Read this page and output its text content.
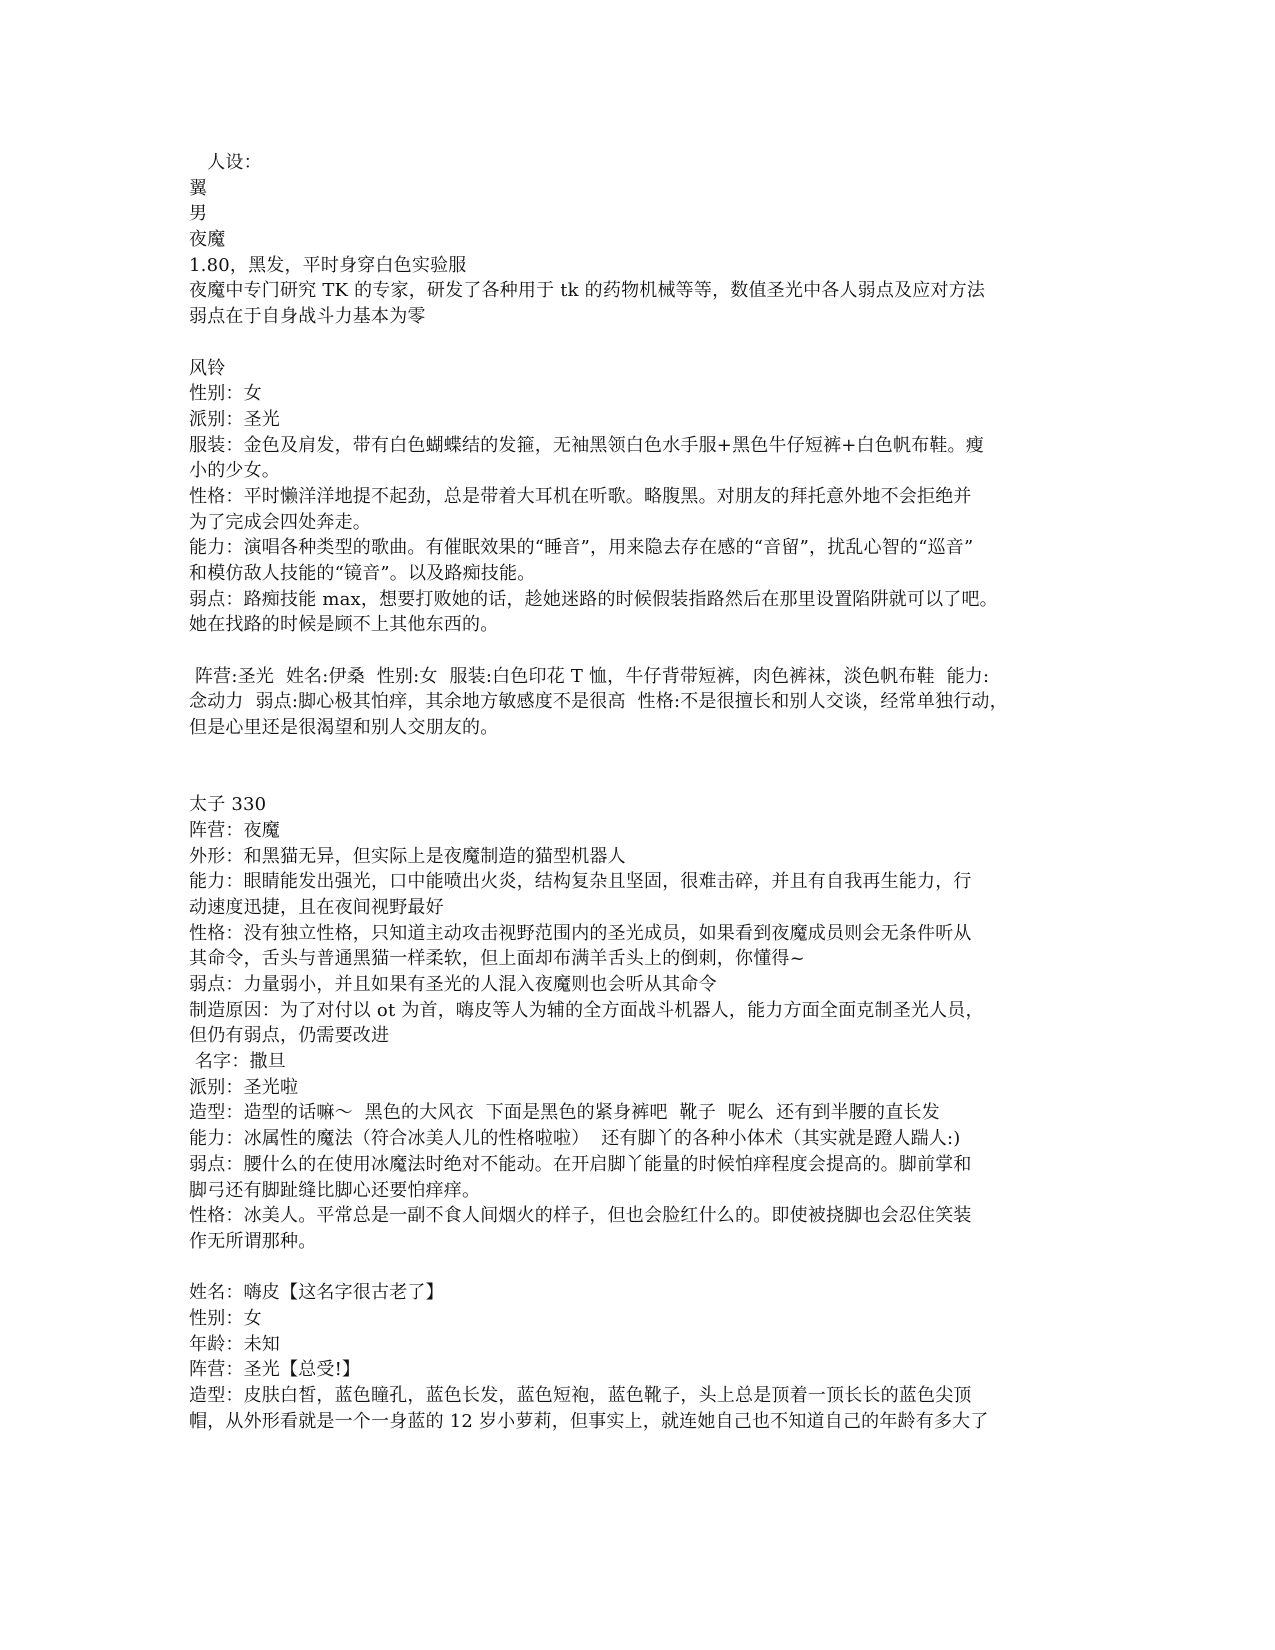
　人设：

翼

男

夜魔

1.80，黑发，平时身穿白色实验服

夜魔中专门研究 TK 的专家，研发了各种用于 tk 的药物机械等等，数值圣光中各人弱点及应对方法

弱点在于自身战斗力基本为零

风铃

性别：女

派别：圣光

服装：金色及肩发，带有白色蝴蝶结的发箍，无袖黑领白色水手服+黑色牛仔短裤+白色帆布鞋。瘦

小的少女。

性格：平时懒洋洋地提不起劲，总是带着大耳机在听歌。略腹黑。对朋友的拜托意外地不会拒绝并

为了完成会四处奔走。

能力：演唱各种类型的歌曲。有催眠效果的“睡音”，用来隐去存在感的“音留”，扰乱心智的“巡音”

和模仿敌人技能的“镜音”。以及路痴技能。

弱点：路痴技能 max，想要打败她的话，趁她迷路的时候假装指路然后在那里设置陷阱就可以了吧。

她在找路的时候是顾不上其他东西的。

阵营:圣光  姓名:伊桑  性别:女  服装:白色印花 T 恤，牛仔背带短裤，肉色裤袜，淡色帆布鞋  能力:

念动力  弱点:脚心极其怕痒，其余地方敏感度不是很高  性格:不是很擅长和别人交谈，经常单独行动，

但是心里还是很渴望和别人交朋友的。

太子 330

阵营：夜魔

外形：和黑猫无异，但实际上是夜魔制造的猫型机器人

能力：眼睛能发出强光，口中能喷出火炎，结构复杂且坚固，很难击碎，并且有自我再生能力，行

动速度迅捷，且在夜间视野最好

性格：没有独立性格，只知道主动攻击视野范围内的圣光成员，如果看到夜魔成员则会无条件听从

其命令，舌头与普通黑猫一样柔软，但上面却布满羊舌头上的倒刺，你懂得~

弱点：力量弱小，并且如果有圣光的人混入夜魔则也会听从其命令

制造原因：为了对付以 ot 为首，嗨皮等人为辅的全方面战斗机器人，能力方面全面克制圣光人员，

但仍有弱点，仍需要改进

名字：撒旦

派别：圣光啦

造型：造型的话嘛～  黑色的大风衣  下面是黑色的紧身裤吧  靴子  呢么  还有到半腰的直长发

能力：冰属性的魔法（符合冰美人儿的性格啦啦）  还有脚丫的各种小体术（其实就是蹬人踹人:)

弱点：腰什么的在使用冰魔法时绝对不能动。在开启脚丫能量的时候怕痒程度会提高的。脚前掌和

脚弓还有脚趾缝比脚心还要怕痒痒。

性格：冰美人。平常总是一副不食人间烟火的样子，但也会脸红什么的。即使被挠脚也会忍住笑装

作无所谓那种。

姓名：嗨皮【这名字很古老了】

性别：女

年龄：未知

阵营：圣光【总受!】

造型：皮肤白皙，蓝色瞳孔，蓝色长发，蓝色短袍，蓝色靴子，头上总是顶着一顶长长的蓝色尖顶

帽，从外形看就是一个一身蓝的 12 岁小萝莉，但事实上，就连她自己也不知道自己的年龄有多大了
